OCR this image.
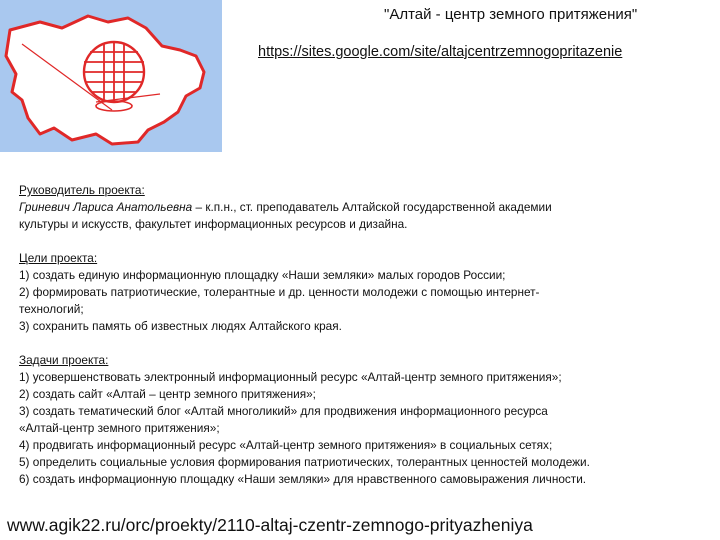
"Алтай - центр земного притяжения"
https://sites.google.com/site/altajcentrzemnogopritazenie
Руководитель проекта:
Гриневич Лариса Анатольевна – к.п.н., ст. преподаватель Алтайской государственной академии
культуры и искусств, факультет информационных ресурсов и дизайна.
Цели проекта:
1) создать единую информационную площадку «Наши земляки» малых городов России;
2) формировать патриотические, толерантные и др. ценности молодежи с помощью интернет-
технологий;
3) сохранить память об известных людях Алтайского края.
Задачи проекта:
1) усовершенствовать электронный информационный ресурс «Алтай-центр земного притяжения»;
2) создать сайт «Алтай – центр земного притяжения»;
3) создать тематический блог «Алтай многоликий» для продвижения информационного ресурса
«Алтай-центр земного притяжения»;
4) продвигать информационный ресурс «Алтай-центр земного притяжения» в социальных сетях;
5) определить социальные условия формирования патриотических, толерантных ценностей молодежи.
6) создать информационную площадку «Наши земляки» для нравственного самовыражения личности.
www.agik22.ru/orc/proekty/2110-altaj-czentr-zemnogo-prityazheniya
